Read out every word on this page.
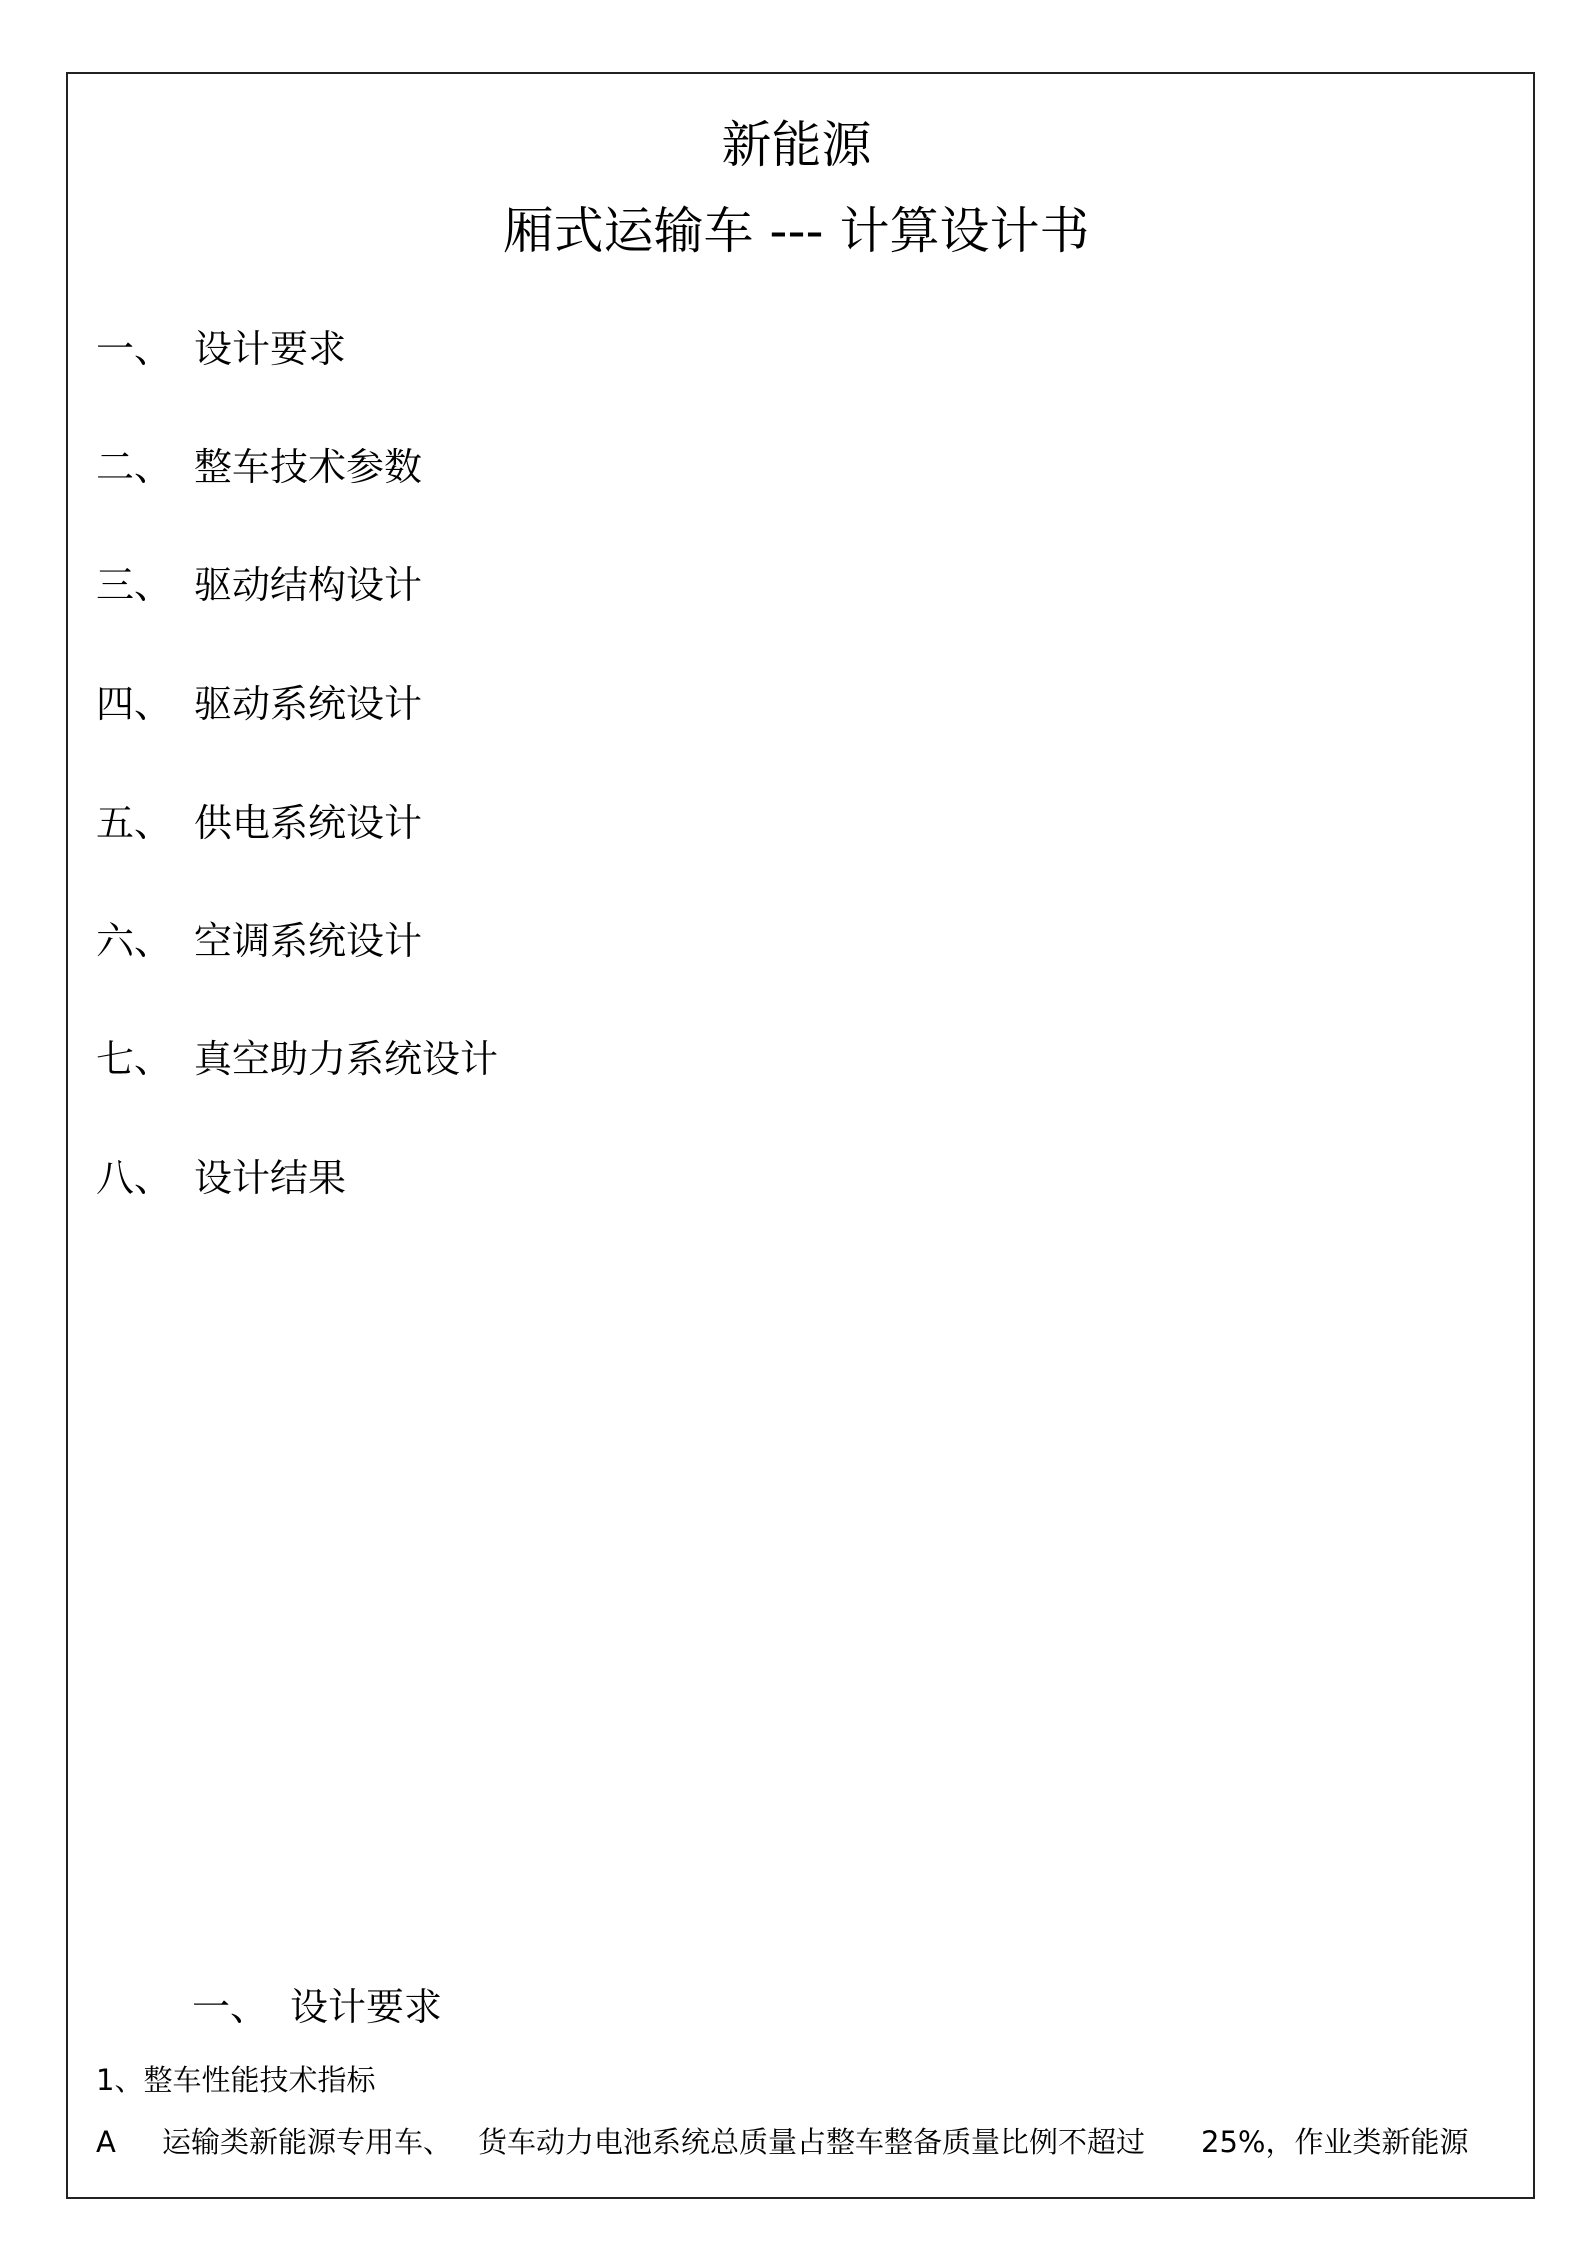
新能源
厢式运输车 --- 计算设计书
一、 设计要求
二、 整车技术参数
三、 驱动结构设计
四、 驱动系统设计
五、 供电系统设计
六、 空调系统设计
七、 真空助力系统设计
八、 设计结果
一、 设计要求
1、整车性能技术指标
A 运输类新能源专用车、 货车动力电池系统总质量占整车整备质量比例不超过 25%，作业类新能源
